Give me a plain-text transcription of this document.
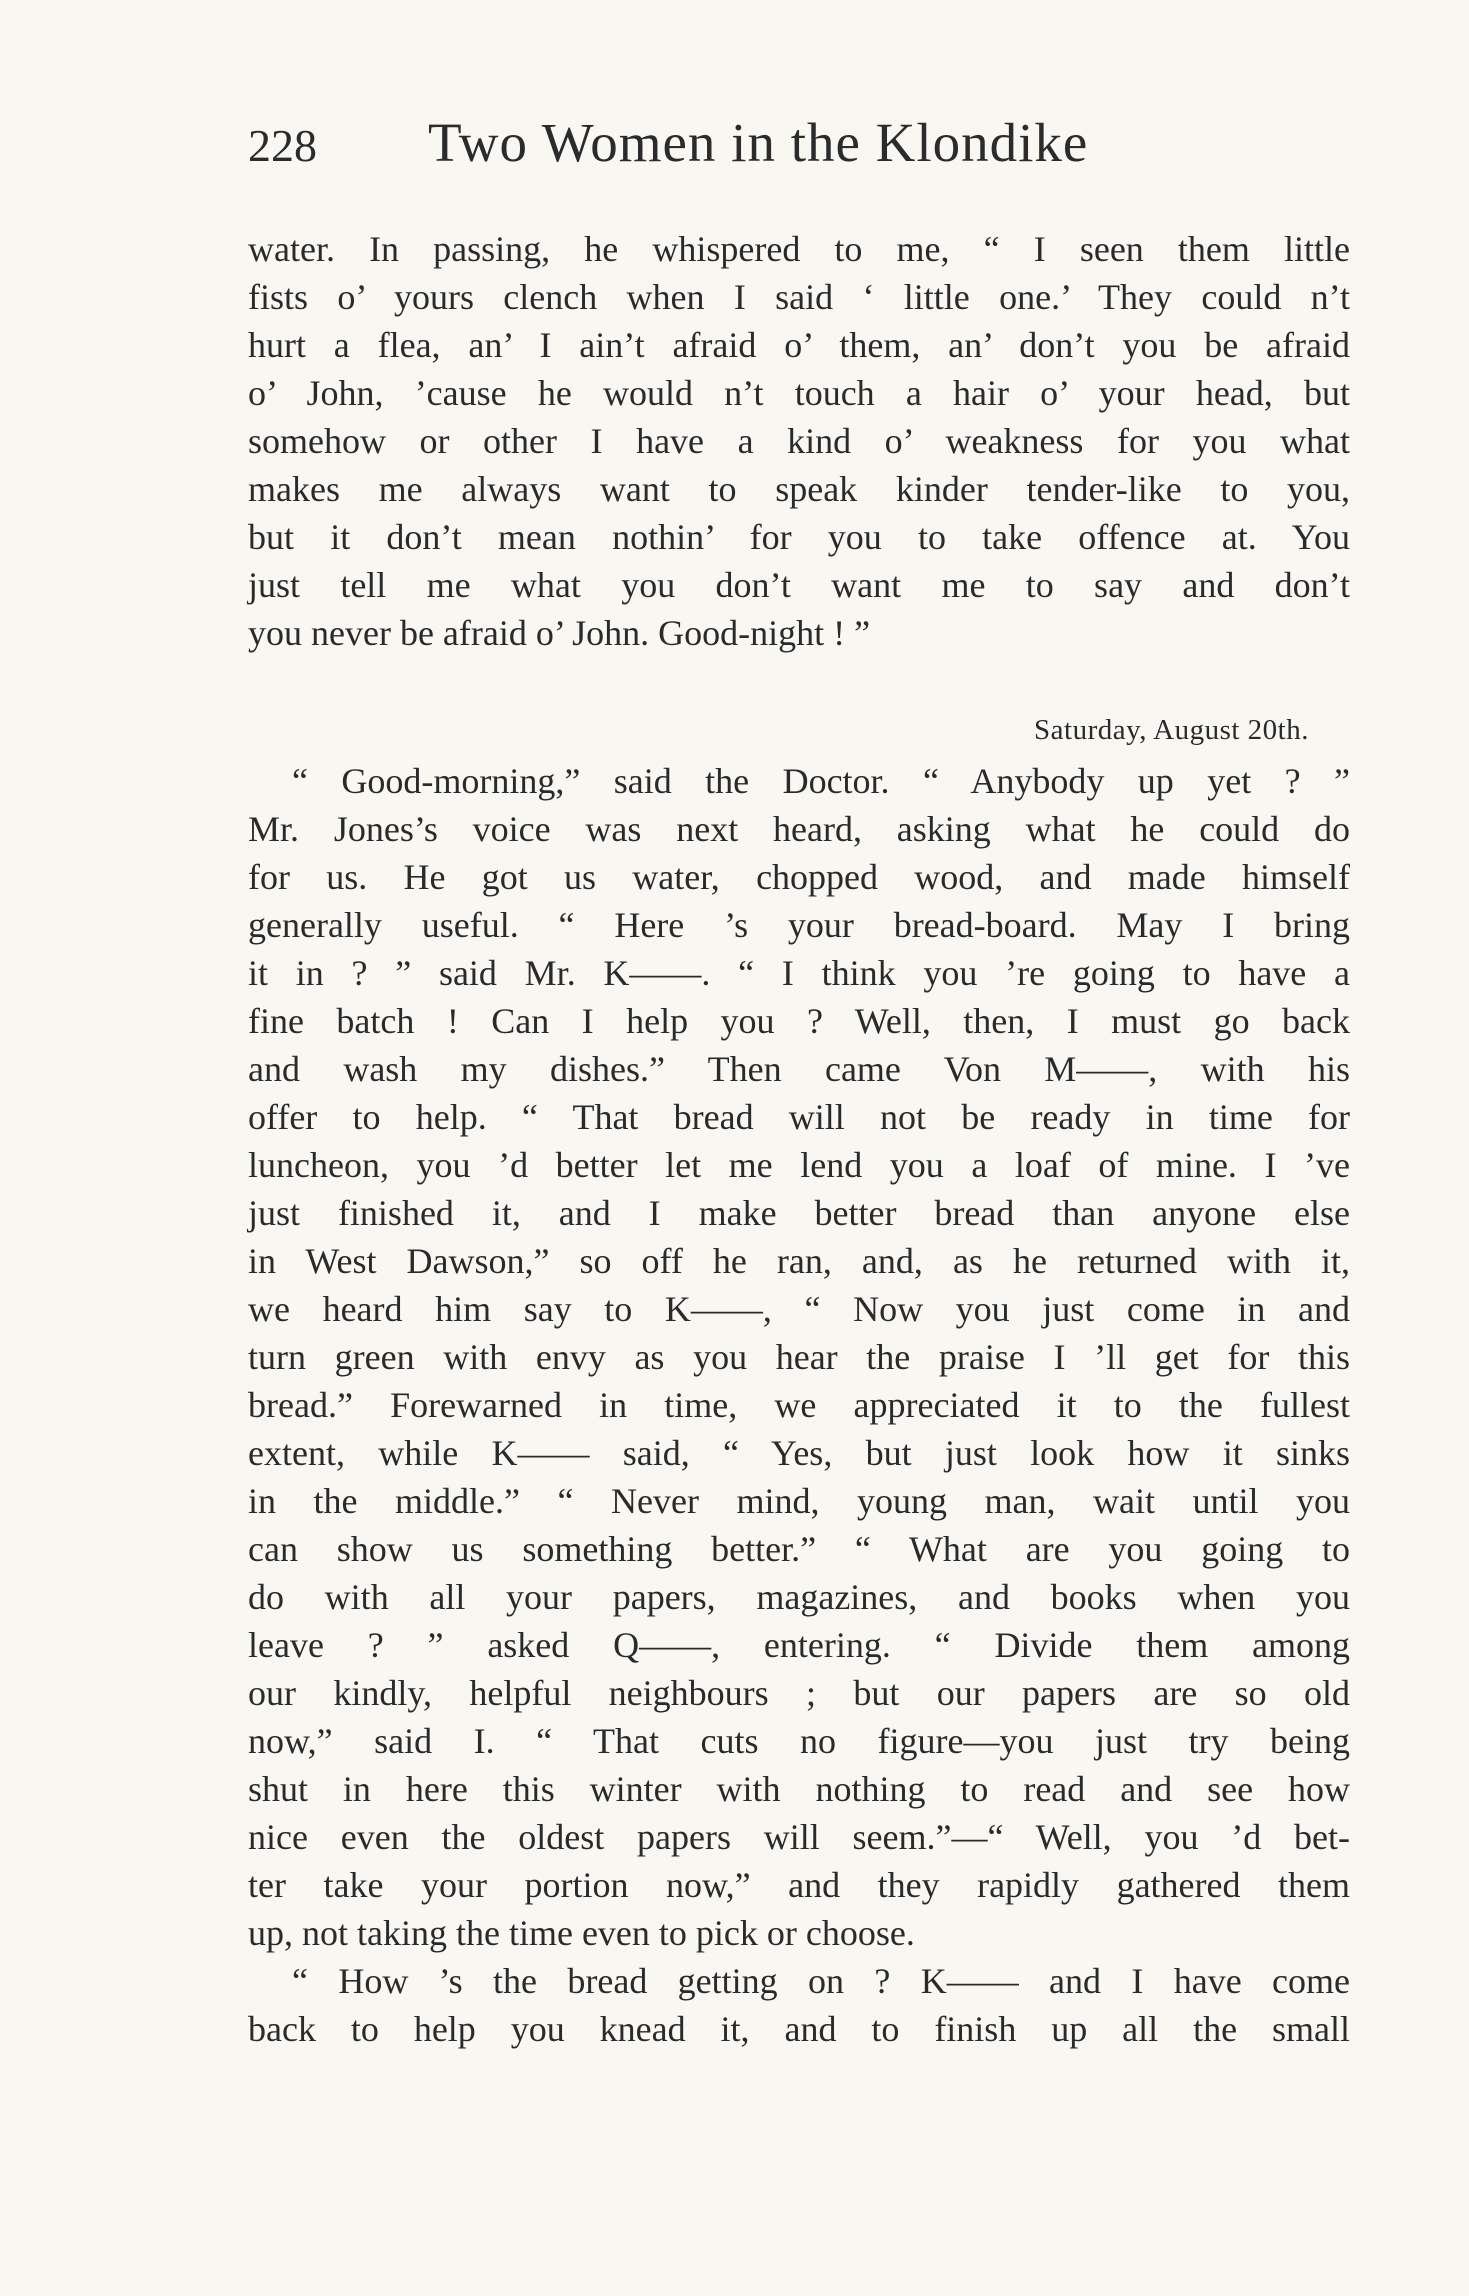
228 Two Women in the Klondike
water. In passing, he whispered to me, “ I seen them little
fists o’ yours clench when I said ‘ little one.’ They could n’t
hurt a flea, an’ I ain’t afraid o’ them, an’ don’t you be afraid
o’ John, ’cause he would n’t touch a hair o’ your head, but
somehow or other I have a kind o’ weakness for you what
makes me always want to speak kinder tender-like to you,
but it don’t mean nothin’ for you to take offence at. You
just tell me what you don’t want me to say and don’t
you never be afraid o’ John. Good-night ! ”
Saturday, August 20th.
“ Good-morning,” said the Doctor. “ Anybody up yet ? ”
Mr. Jones’s voice was next heard, asking what he could do
for us. He got us water, chopped wood, and made himself
generally useful. “ Here ’s your bread-board. May I bring
it in ? ” said Mr. K——. “ I think you ’re going to have a
fine batch ! Can I help you ? Well, then, I must go back
and wash my dishes.” Then came Von M——, with his
offer to help. “ That bread will not be ready in time for
luncheon, you ’d better let me lend you a loaf of mine. I ’ve
just finished it, and I make better bread than anyone else
in West Dawson,” so off he ran, and, as he returned with it,
we heard him say to K——, “ Now you just come in and
turn green with envy as you hear the praise I ’ll get for this
bread.” Forewarned in time, we appreciated it to the fullest
extent, while K—— said, “ Yes, but just look how it sinks
in the middle.” “ Never mind, young man, wait until you
can show us something better.” “ What are you going to
do with all your papers, magazines, and books when you
leave ? ” asked Q——, entering. “ Divide them among
our kindly, helpful neighbours ; but our papers are so old
now,” said I. “ That cuts no figure—you just try being
shut in here this winter with nothing to read and see how
nice even the oldest papers will seem.”—“ Well, you ’d bet-
ter take your portion now,” and they rapidly gathered them
up, not taking the time even to pick or choose.
“ How ’s the bread getting on ? K—— and I have come
back to help you knead it, and to finish up all the small
